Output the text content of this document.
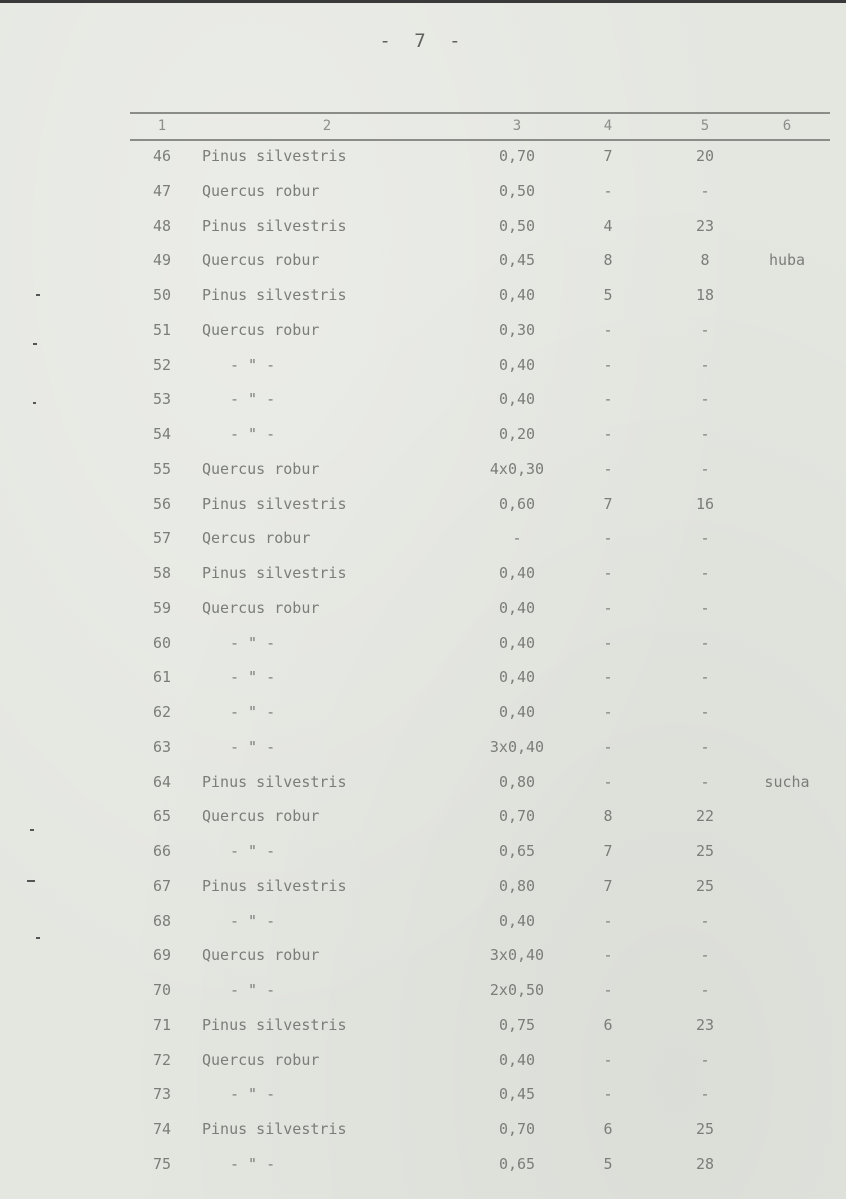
- 7 -
1	2	3	4	5	6
46	Pinus silvestris	0,70	7	20
47	Quercus robur	0,50	-	-
48	Pinus silvestris	0,50	4	23
49	Quercus robur	0,45	8	8	huba
50	Pinus silvestris	0,40	5	18
51	Quercus robur	0,30	-	-
52	- " -	0,40	-	-
53	- " -	0,40	-	-
54	- " -	0,20	-	-
55	Quercus robur	4x0,30	-	-
56	Pinus silvestris	0,60	7	16
57	Qercus robur	-	-	-
58	Pinus silvestris	0,40	-	-
59	Quercus robur	0,40	-	-
60	- " -	0,40	-	-
61	- " -	0,40	-	-
62	- " -	0,40	-	-
63	- " -	3x0,40	-	-
64	Pinus silvestris	0,80	-	-	sucha
65	Quercus robur	0,70	8	22
66	- " -	0,65	7	25
67	Pinus silvestris	0,80	7	25
68	- " -	0,40	-	-
69	Quercus robur	3x0,40	-	-
70	- " -	2x0,50	-	-
71	Pinus silvestris	0,75	6	23
72	Quercus robur	0,40	-	-
73	- " -	0,45	-	-
74	Pinus silvestris	0,70	6	25
75	- " -	0,65	5	28
